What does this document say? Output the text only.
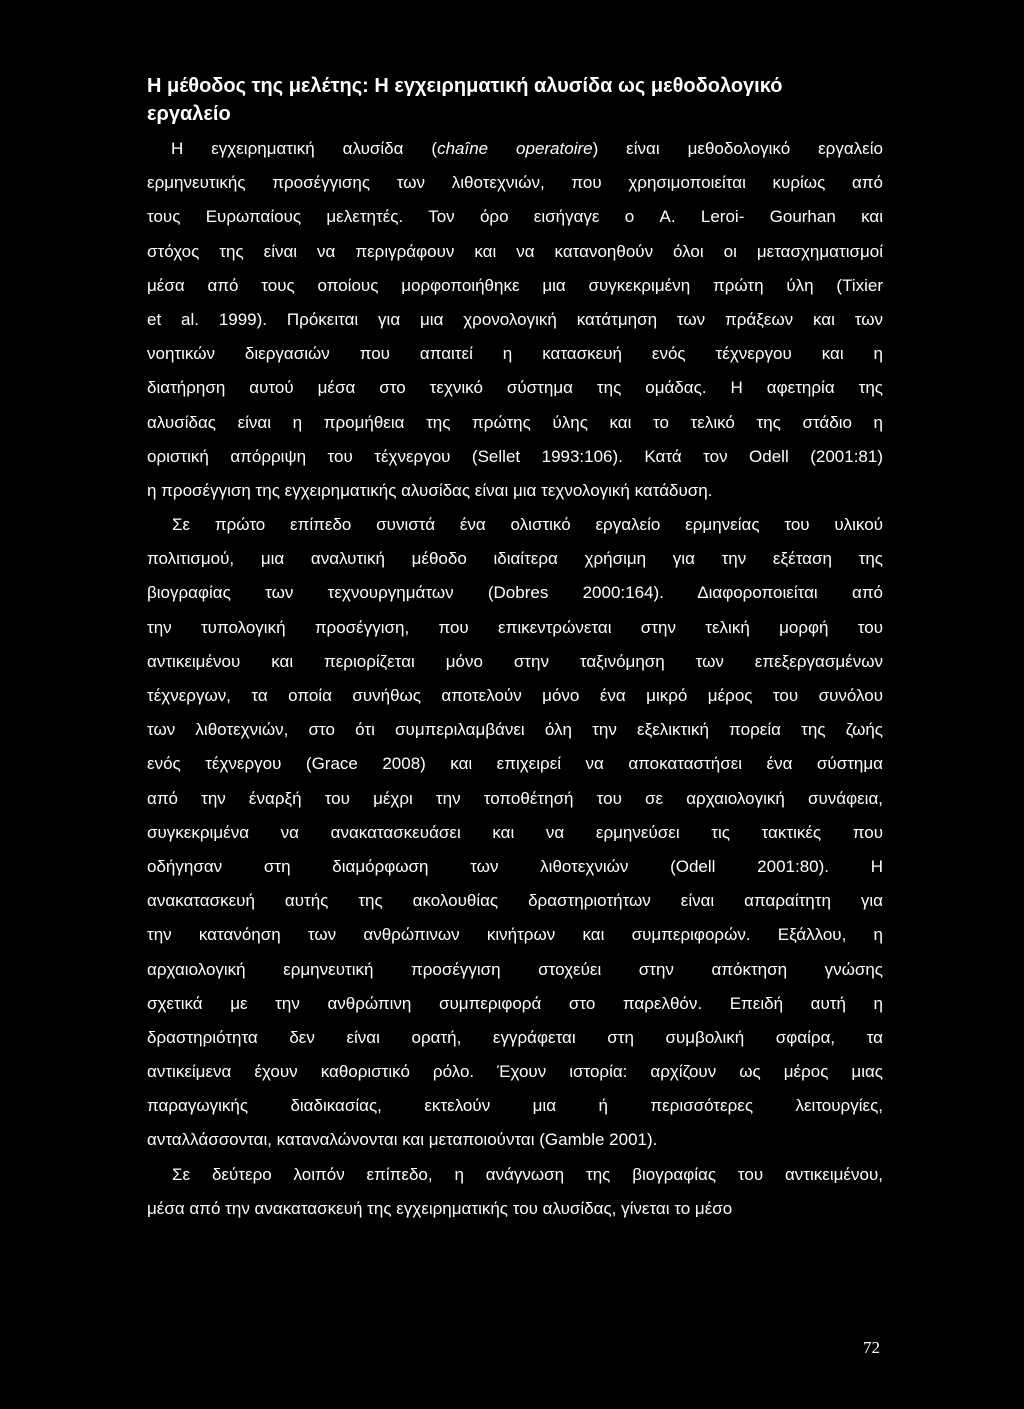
Η μέθοδος της μελέτης: Η εγχειρηματική αλυσίδα ως μεθοδολογικό
εργαλείο
Η εγχειρηματική αλυσίδα (chaîne operatoire) είναι μεθοδολογικό εργαλείο
ερμηνευτικής προσέγγισης των λιθοτεχνιών, που χρησιμοποιείται κυρίως από
τους Ευρωπαίους μελετητές. Τον όρο εισήγαγε ο A. Leroi- Gourhan και
στόχος της είναι να περιγράφουν και να κατανοηθούν όλοι οι μετασχηματισμοί
μέσα από τους οποίους μορφοποιήθηκε μια συγκεκριμένη πρώτη ύλη (Tixier
et al. 1999). Πρόκειται για μια χρονολογική κατάτμηση των πράξεων και των
νοητικών διεργασιών που απαιτεί η κατασκευή ενός τέχνεργου και η
διατήρηση αυτού μέσα στο τεχνικό σύστημα της ομάδας. Η αφετηρία της
αλυσίδας είναι η προμήθεια της πρώτης ύλης και το τελικό της στάδιο η
οριστική απόρριψη του τέχνεργου (Sellet 1993:106). Κατά τον Odell (2001:81)
η προσέγγιση της εγχειρηματικής αλυσίδας είναι μια τεχνολογική κατάδυση.
Σε πρώτο επίπεδο συνιστά ένα ολιστικό εργαλείο ερμηνείας του υλικού
πολιτισμού, μια αναλυτική μέθοδο ιδιαίτερα χρήσιμη για την εξέταση της
βιογραφίας των τεχνουργημάτων (Dobres 2000:164). Διαφοροποιείται από
την τυπολογική προσέγγιση, που επικεντρώνεται στην τελική μορφή του
αντικειμένου και περιορίζεται μόνο στην ταξινόμηση των επεξεργασμένων
τέχνεργων, τα οποία συνήθως αποτελούν μόνο ένα μικρό μέρος του συνόλου
των λιθοτεχνιών, στο ότι συμπεριλαμβάνει όλη την εξελικτική πορεία της ζωής
ενός τέχνεργου (Grace 2008) και επιχειρεί να αποκαταστήσει ένα σύστημα
από την έναρξή του μέχρι την τοποθέτησή του σε αρχαιολογική συνάφεια,
συγκεκριμένα να ανακατασκευάσει και να ερμηνεύσει τις τακτικές που
οδήγησαν στη διαμόρφωση των λιθοτεχνιών (Odell 2001:80). Η
ανακατασκευή αυτής της ακολουθίας δραστηριοτήτων είναι απαραίτητη για
την κατανόηση των ανθρώπινων κινήτρων και συμπεριφορών. Εξάλλου, η
αρχαιολογική ερμηνευτική προσέγγιση στοχεύει στην απόκτηση γνώσης
σχετικά με την ανθρώπινη συμπεριφορά στο παρελθόν. Επειδή αυτή η
δραστηριότητα δεν είναι ορατή, εγγράφεται στη συμβολική σφαίρα, τα
αντικείμενα έχουν καθοριστικό ρόλο. Έχουν ιστορία: αρχίζουν ως μέρος μιας
παραγωγικής διαδικασίας, εκτελούν μια ή περισσότερες λειτουργίες,
ανταλλάσσονται, καταναλώνονται και μεταποιούνται (Gamble 2001).
Σε δεύτερο λοιπόν επίπεδο, η ανάγνωση της βιογραφίας του αντικειμένου,
μέσα από την ανακατασκευή της εγχειρηματικής του αλυσίδας, γίνεται το μέσο
72
